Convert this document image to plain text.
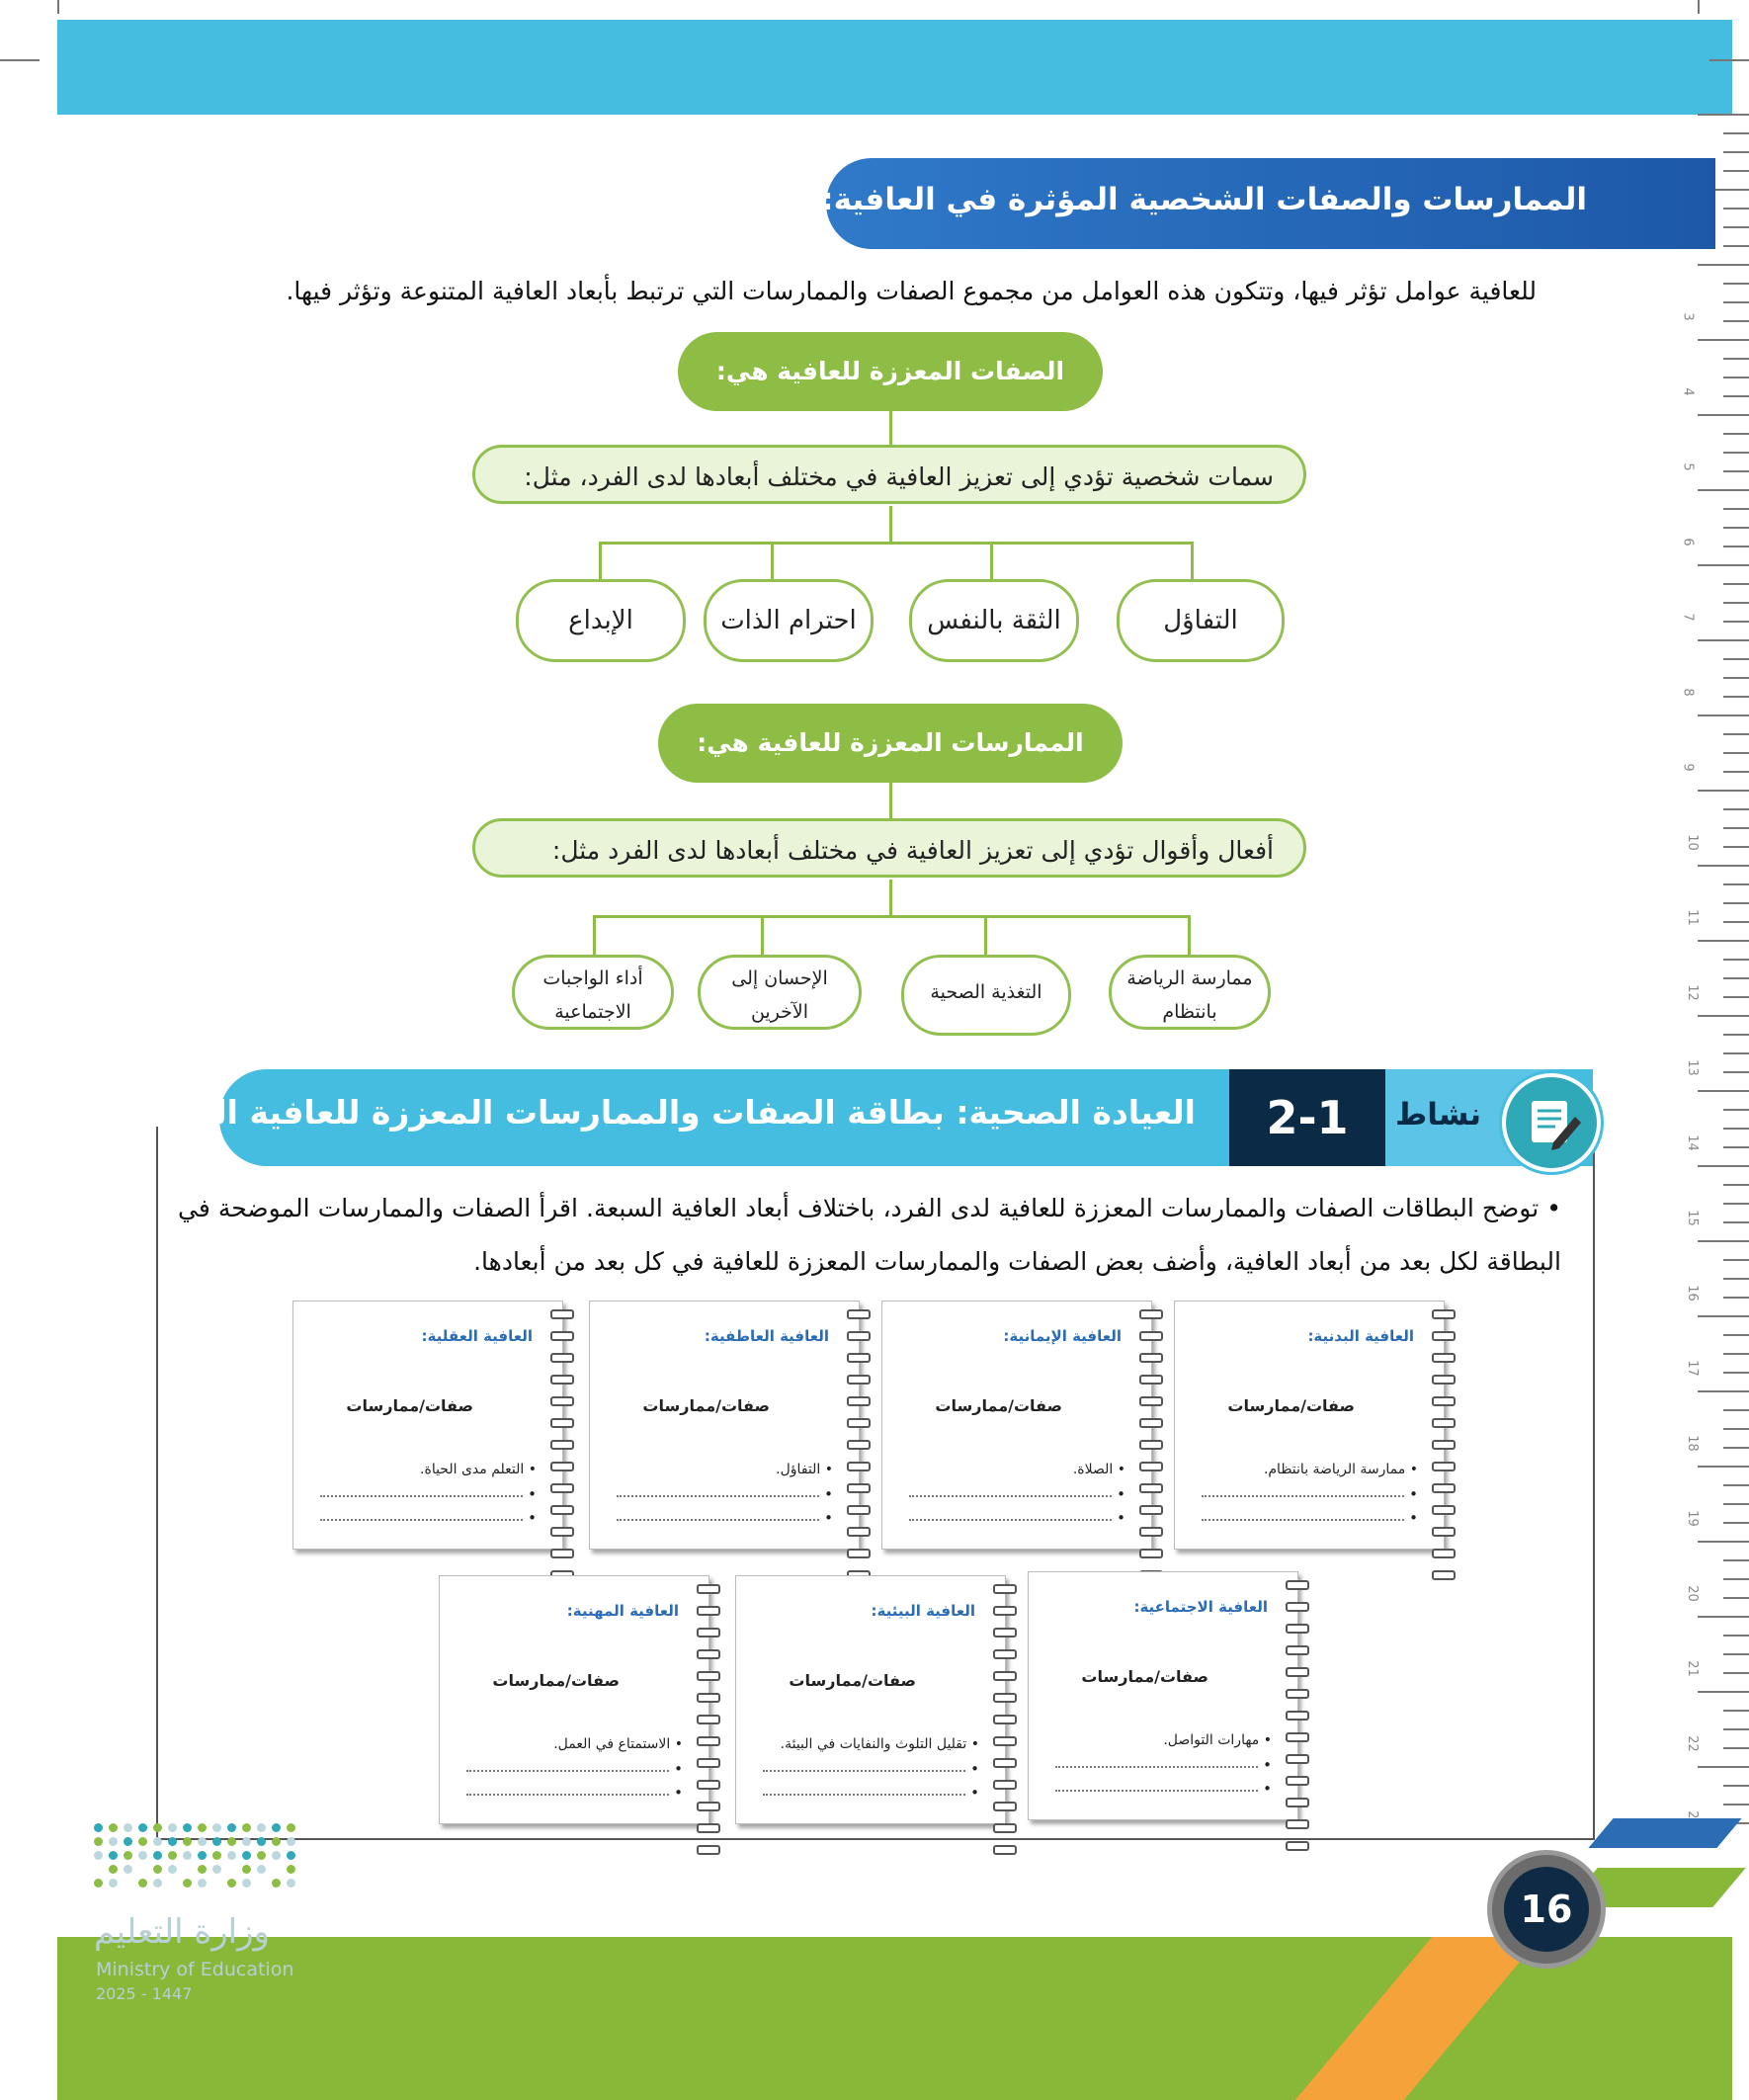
3
4
5
6
7
8
9
10
11
12
13
14
15
16
17
18
19
20
21
22
الممارسات والصفات الشخصية المؤثرة في العافية:
للعافية عوامل تؤثر فيها، وتتكون هذه العوامل من مجموع الصفات والممارسات التي ترتبط بأبعاد العافية المتنوعة وتؤثر فيها.
الصفات المعززة للعافية هي:
سمات شخصية تؤدي إلى تعزيز العافية في مختلف أبعادها لدى الفرد، مثل:
التفاؤل
الثقة بالنفس
احترام الذات
الإبداع
الممارسات المعززة للعافية هي:
أفعال وأقوال تؤدي إلى تعزيز العافية في مختلف أبعادها لدى الفرد مثل:
ممارسة الرياضة
بانتظام
التغذية الصحية
الإحسان إلى
الآخرين
أداء الواجبات
الاجتماعية
2-1	نشاط
العيادة الصحية: بطاقة الصفات والممارسات المعززة للعافية الشاملة.
• توضح البطاقات الصفات والممارسات المعززة للعافية لدى الفرد، باختلاف أبعاد العافية السبعة. اقرأ الصفات والممارسات الموضحة في البطاقة لكل بعد من أبعاد العافية، وأضف بعض الصفات والممارسات المعززة للعافية في كل بعد من أبعادها.
العافية البدنية:
صفات/ممارسات
• ممارسة الرياضة بانتظام.
•
•
العافية الإيمانية:
صفات/ممارسات
• الصلاة.
•
•
العافية العاطفية:
صفات/ممارسات
• التفاؤل.
•
•
العافية العقلية:
صفات/ممارسات
• التعلم مدى الحياة.
•
•
العافية الاجتماعية:
صفات/ممارسات
• مهارات التواصل.
•
•
العافية البيئية:
صفات/ممارسات
• تقليل التلوث والنفايات في البيئة.
•
•
العافية المهنية:
صفات/ممارسات
• الاستمتاع في العمل.
•
•
16
وزارة التعليم
Ministry of Education
2025 - 1447
